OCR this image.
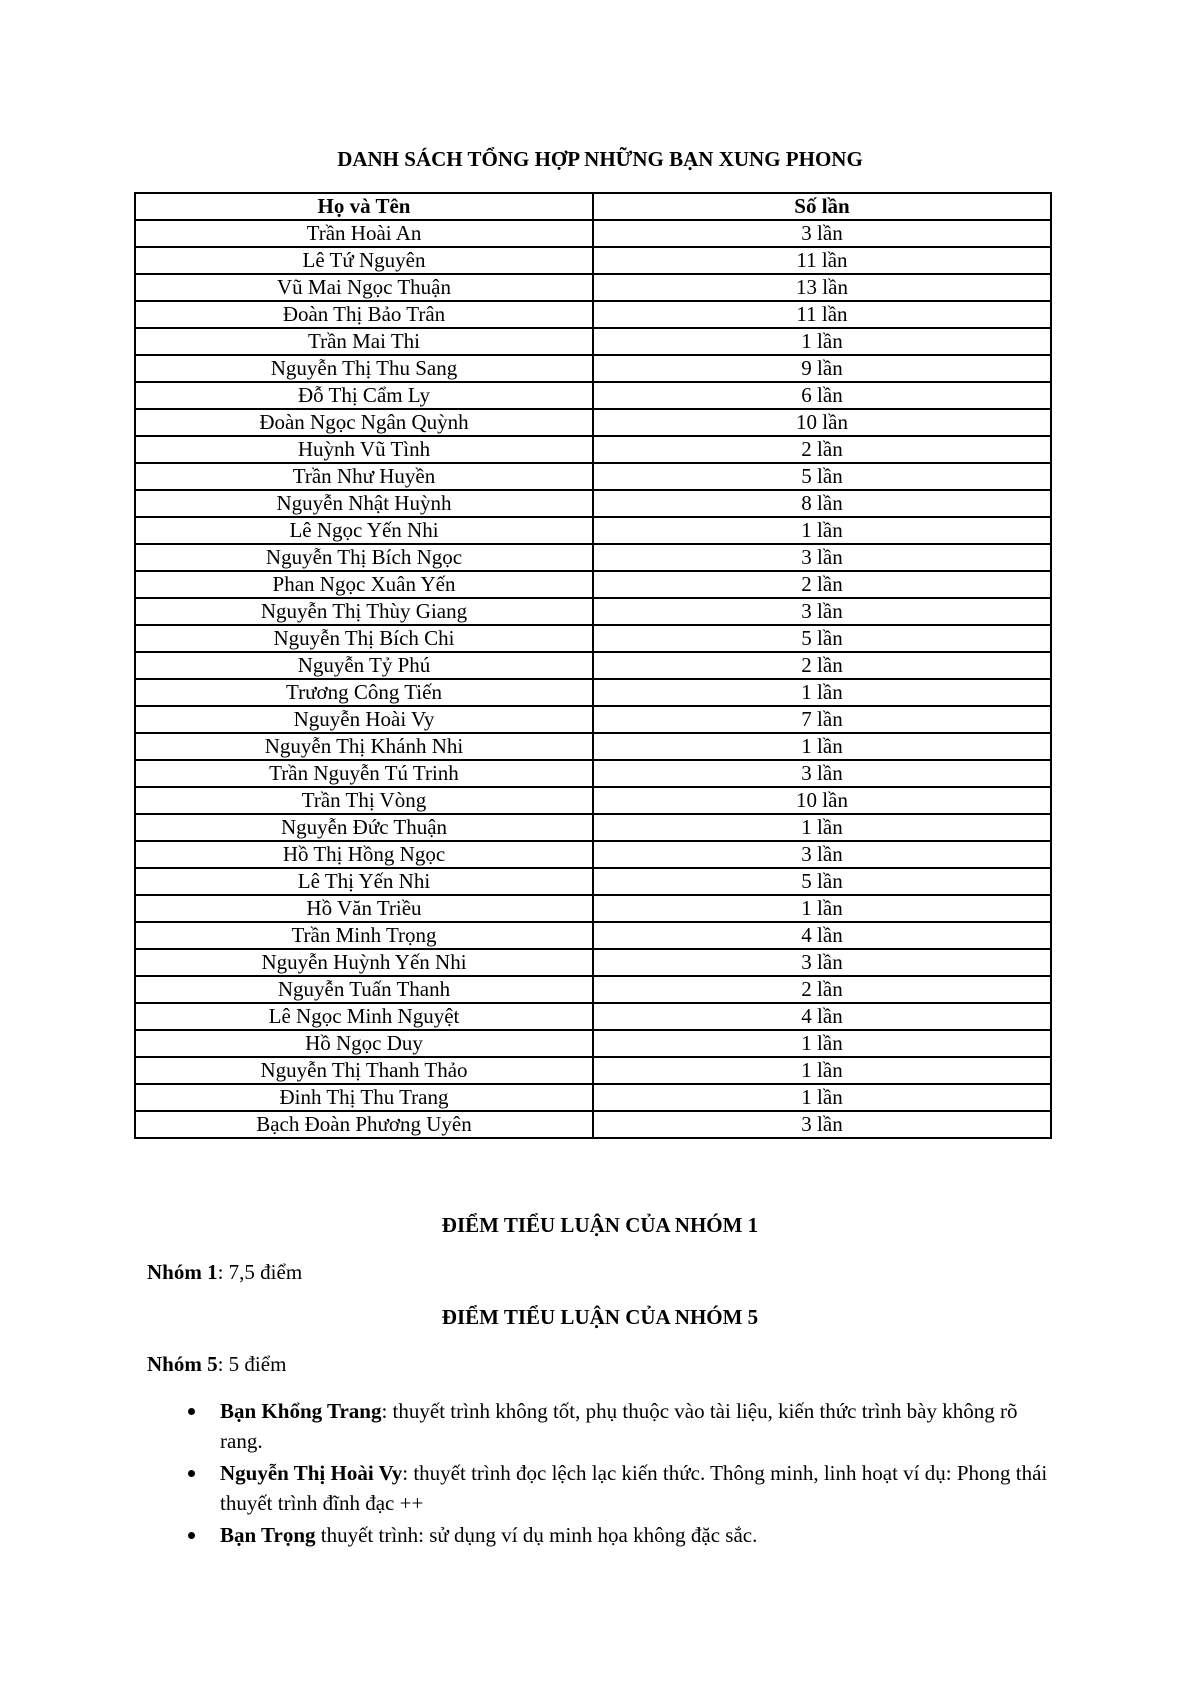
DANH SÁCH TỔNG HỢP NHỮNG BẠN XUNG PHONG
Họ và Tên	Số lần
Trần Hoài An	3 lần
Lê Tứ Nguyên	11 lần
Vũ Mai Ngọc Thuận	13 lần
Đoàn Thị Bảo Trân	11 lần
Trần Mai Thi	1 lần
Nguyễn Thị Thu Sang	9 lần
Đỗ Thị Cẩm Ly	6 lần
Đoàn Ngọc Ngân Quỳnh	10 lần
Huỳnh Vũ Tình	2 lần
Trần Như Huyền	5 lần
Nguyễn Nhật Huỳnh	8 lần
Lê Ngọc Yến Nhi	1 lần
Nguyễn Thị Bích Ngọc	3 lần
Phan Ngọc Xuân Yến	2 lần
Nguyễn Thị Thùy Giang	3 lần
Nguyễn Thị Bích Chi	5 lần
Nguyễn Tỷ Phú	2 lần
Trương Công Tiến	1 lần
Nguyễn Hoài Vy	7 lần
Nguyễn Thị Khánh Nhi	1 lần
Trần Nguyễn Tú Trinh	3 lần
Trần Thị Vòng	10 lần
Nguyễn Đức Thuận	1 lần
Hồ Thị Hồng Ngọc	3 lần
Lê Thị Yến Nhi	5 lần
Hồ Văn Triều	1 lần
Trần Minh Trọng	4 lần
Nguyễn Huỳnh Yến Nhi	3 lần
Nguyễn Tuấn Thanh	2 lần
Lê Ngọc Minh Nguyệt	4 lần
Hồ Ngọc Duy	1 lần
Nguyễn Thị Thanh Thảo	1 lần
Đinh Thị Thu Trang	1 lần
Bạch Đoàn Phương Uyên	3 lần
ĐIỂM TIỂU LUẬN CỦA NHÓM 1
Nhóm 1: 7,5 điểm
ĐIỂM TIỂU LUẬN CỦA NHÓM 5
Nhóm 5: 5 điểm
Bạn Khổng Trang: thuyết trình không tốt, phụ thuộc vào tài liệu, kiến thức trình bày không rõ rang.
Nguyễn Thị Hoài Vy: thuyết trình đọc lệch lạc kiến thức. Thông minh, linh hoạt ví dụ: Phong thái thuyết trình đĩnh đạc ++
Bạn Trọng thuyết trình: sử dụng ví dụ minh họa không đặc sắc.
